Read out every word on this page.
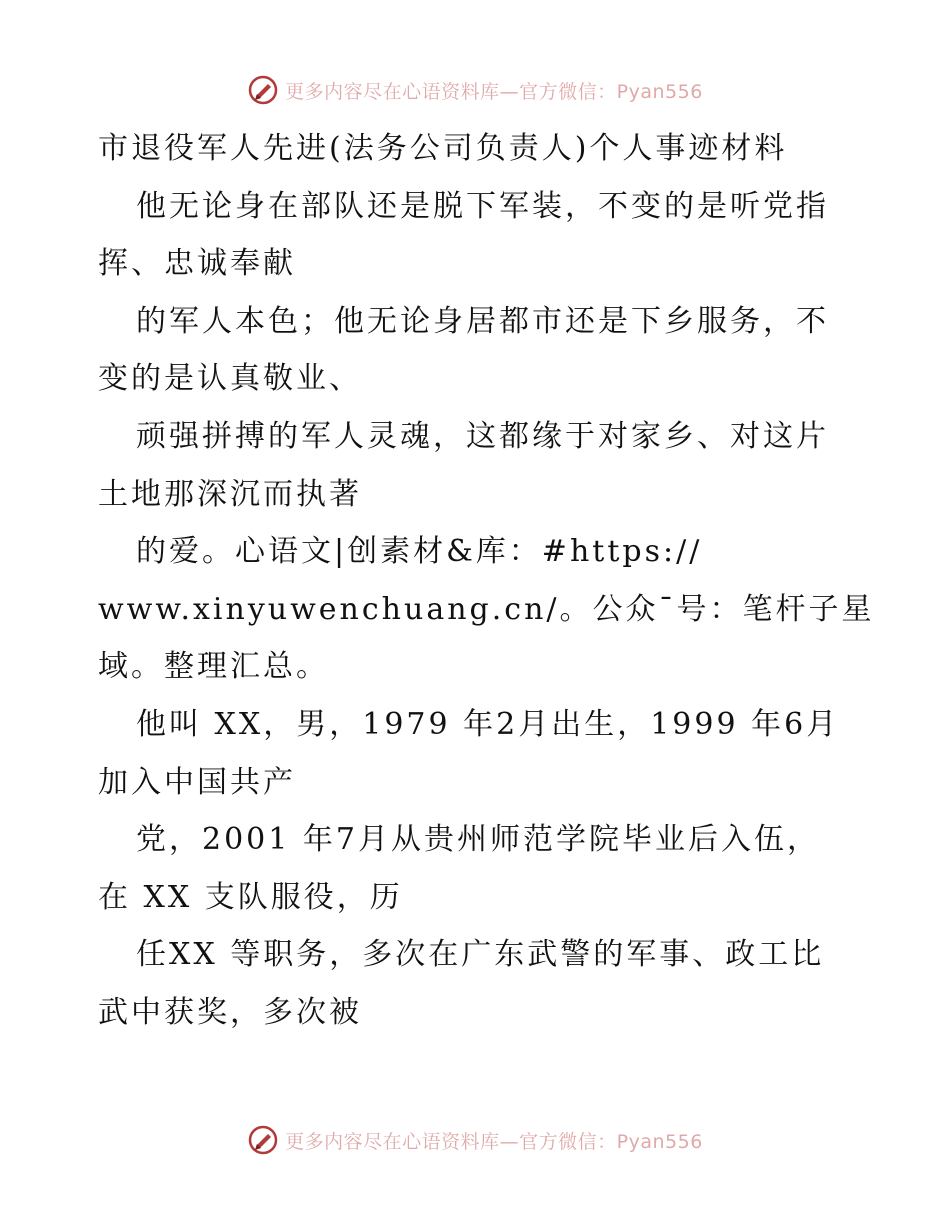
更多内容尽在心语资料库—官方微信：Pyan556
市退役军人先进(法务公司负责人)个人事迹材料
他无论身在部队还是脱下军装，不变的是听党指
挥、忠诚奉献
的军人本色；他无论身居都市还是下乡服务，不
变的是认真敬业、
顽强拼搏的军人灵魂，这都缘于对家乡、对这片
土地那深沉而执著
的爱。心语文|创素材&库：#https://
www.xinyuwenchuang.cn/。公众¯号：笔杆子星
域。整理汇总。
他叫 XX，男，1979 年2月出生，1999 年6月
加入中国共产
党，2001 年7月从贵州师范学院毕业后入伍，
在 XX 支队服役，历
任XX 等职务，多次在广东武警的军事、政工比
武中获奖，多次被
更多内容尽在心语资料库—官方微信：Pyan556
